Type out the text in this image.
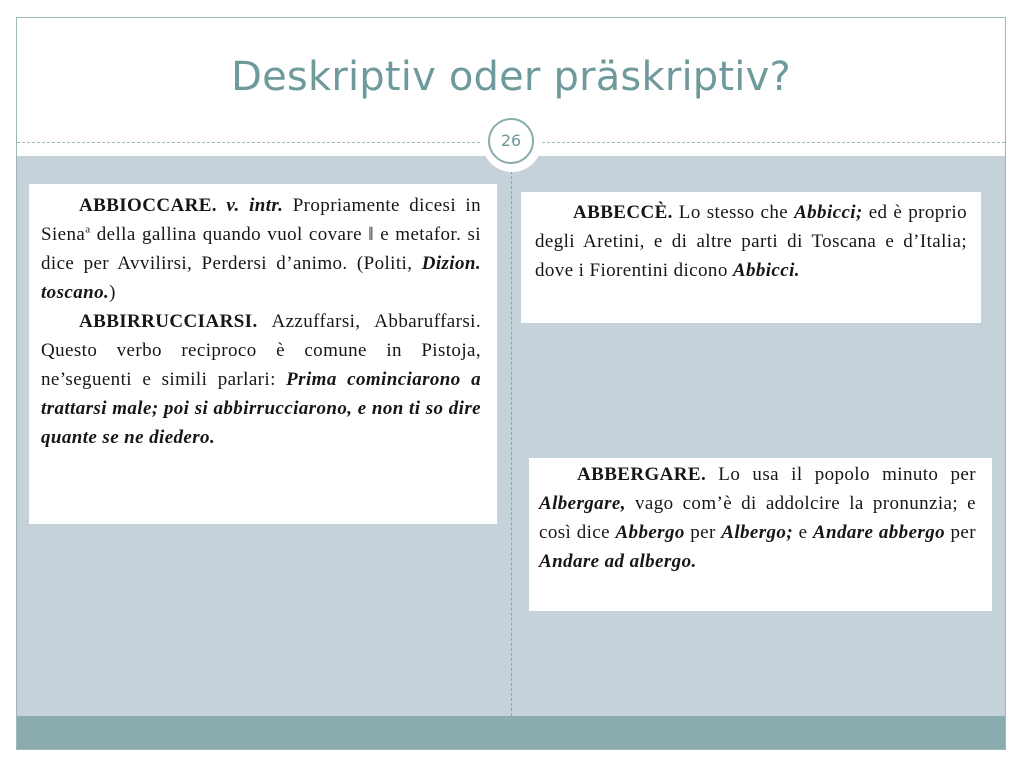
Deskriptiv oder präskriptiv?
26

ABBIOCCARE. v. intr. Propriamente dicesi in Siena$^a$ della gallina quando vuol covare ‖ e metafor. si dice per Avvilirsi, Perdersi d’animo. (Politi, Dizion. toscano.)

ABBIRRUCCIARSI. Azzuffarsi, Abbaruffarsi. Questo verbo reciproco è comune in Pistoja, ne’seguenti e simili parlari: Prima cominciarono a trattarsi male; poi si abbirrucciarono, e non ti so dire quante se ne diedero.

ABBECCÈ. Lo stesso che Abbicci; ed è proprio degli Aretini, e di altre parti di Toscana e d’Italia; dove i Fiorentini dicono Abbicci.

ABBERGARE. Lo usa il popolo minuto per Albergare, vago com’è di addolcire la pronunzia; e così dice Abbergo per Albergo; e Andare abbergo per Andare ad albergo.
